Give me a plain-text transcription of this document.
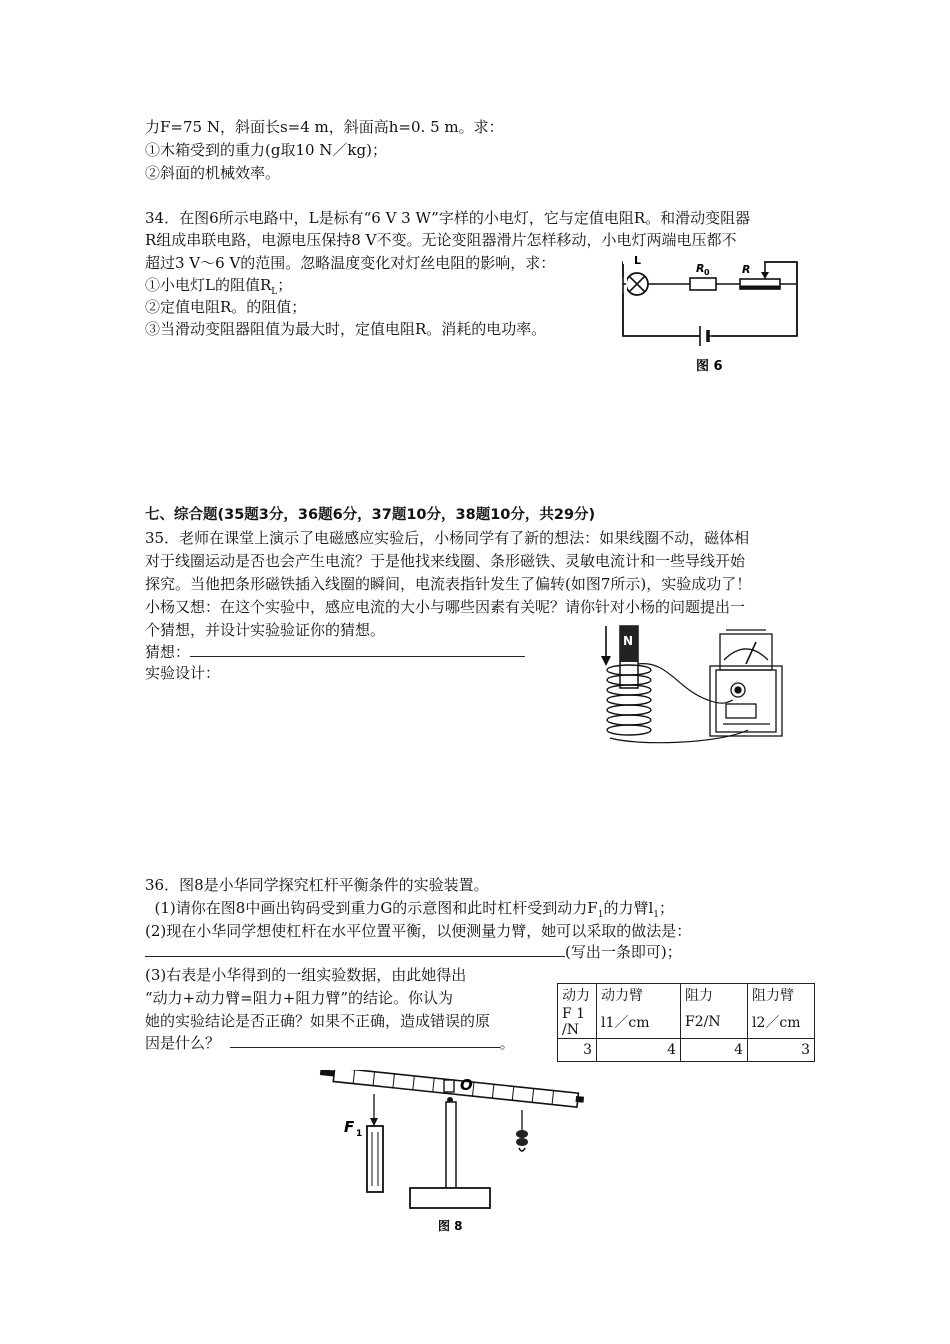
力F=75 N，斜面长s=4 m，斜面高h=0. 5 m。求：
①木箱受到的重力(g取10 N／kg)；
②斜面的机械效率。
34．在图6所示电路中，L是标有“6 V 3 W”字样的小电灯，它与定值电阻R。和滑动变阻器
R组成串联电路，电源电压保持8 V不变。无论变阻器滑片怎样移动，小电灯两端电压都不
超过3 V～6 V的范围。忽略温度变化对灯丝电阻的影响，求：
①小电灯L的阻值$R_L$；
②定值电阻R。的阻值；
③当滑动变阻器阻值为最大时，定值电阻R。消耗的电功率。
L
R 0	R
图 6
七、综合题(35题3分，36题6分，37题10分，38题10分，共29分)
35．老师在课堂上演示了电磁感应实验后，小杨同学有了新的想法：如果线圈不动，磁体相
对于线圈运动是否也会产生电流？于是他找来线圈、条形磁铁、灵敏电流计和一些导线开始
探究。当他把条形磁铁插入线圈的瞬间，电流表指针发生了偏转(如图7所示)，实验成功了！
小杨又想：在这个实验中，感应电流的大小与哪些因素有关呢？请你针对小杨的问题提出一
个猜想，并设计实验验证你的猜想。
猜想：
实验设计：
N
36．图8是小华同学探究杠杆平衡条件的实验装置。
(1)请你在图8中画出钩码受到重力G的示意图和此时杠杆受到动力$F_1$的力臂$l_1$；
(2)现在小华同学想使杠杆在水平位置平衡，以便测量力臂，她可以采取的做法是：
(写出一条即可)；
(3)右表是小华得到的一组实验数据，由此她得出
“动力+动力臂=阻力+阻力臂”的结论。你认为
她的实验结论是否正确？如果不正确，造成错误的原
因是什么？	。
动力	动力臂	阻力	阻力臂
F 1 /N	l1／cm	F2/N	l2／cm
3	4	4	3
O
F 1
图 8
